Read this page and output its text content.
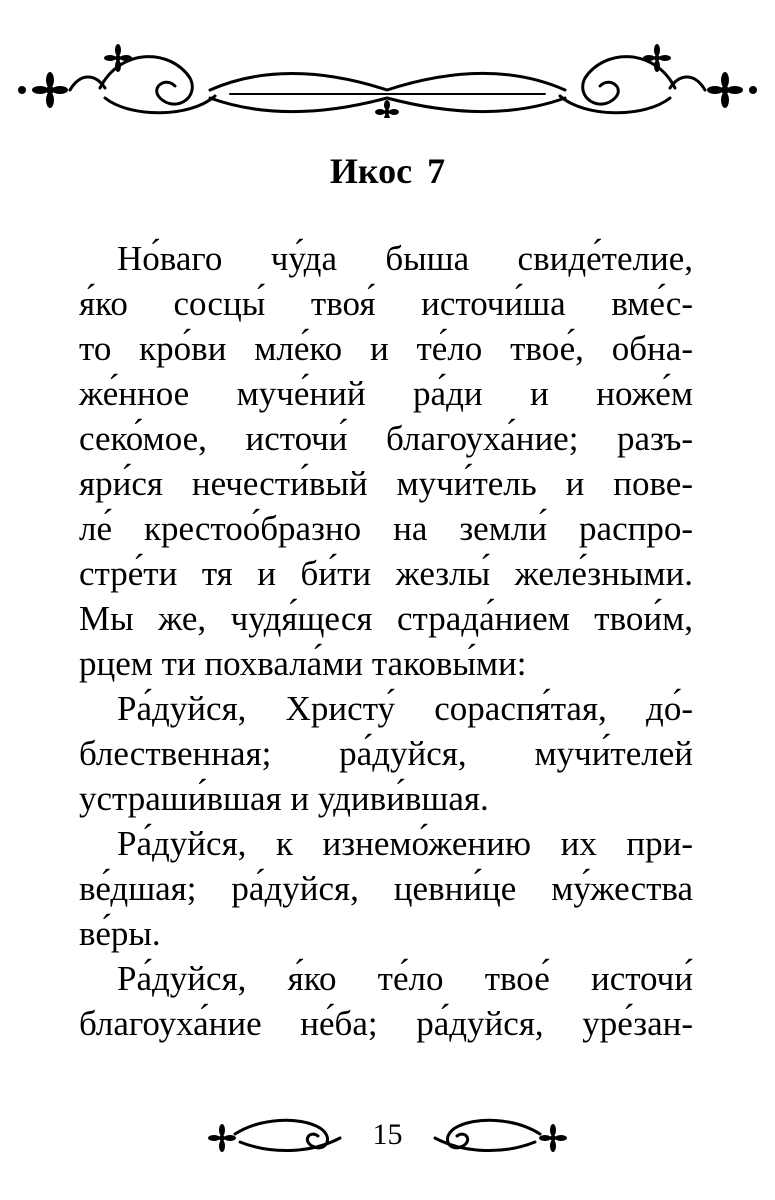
Икос 7
Но́ваго чу́да быша свиде́телие,
я́ко сосцы́ твоя́ источи́ша вме́с-
то кро́ви мле́ко и те́ло твое́, обна-
же́нное муче́ний ра́ди и ноже́м
секо́мое, источи́ благоуха́ние; разъ-
яри́ся нечести́вый мучи́тель и пове-
ле́ крестоо́бразно на земли́ распро-
стре́ти тя и би́ти жезлы́ желе́зными.
Мы же, чудя́щеся страда́нием твои́м,
рцем ти похвала́ми таковы́ми:
Ра́дуйся, Христу́ сораспя́тая, до́-
блественная; ра́дуйся, мучи́телей
устраши́вшая и удиви́вшая.
Ра́дуйся, к изнемо́жению их при-
ве́дшая; ра́дуйся, цевни́це му́жества
ве́ры.
Ра́дуйся, я́ко те́ло твое́ источи́
благоуха́ние не́ба; ра́дуйся, уре́зан-
15
